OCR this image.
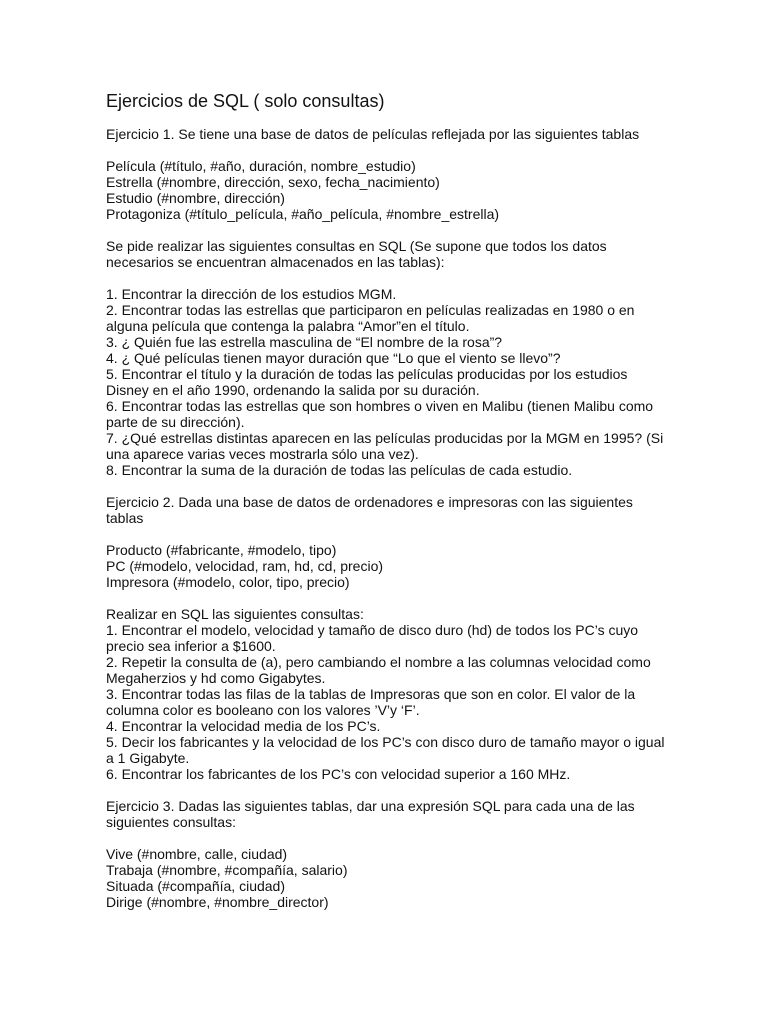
Ejercicios de SQL ( solo consultas)
Ejercicio 1. Se tiene una base de datos de películas reflejada por las siguientes tablas
Película (#título, #año, duración, nombre_estudio)
Estrella (#nombre, dirección, sexo, fecha_nacimiento)
Estudio (#nombre, dirección)
Protagoniza (#título_película, #año_película, #nombre_estrella)
Se pide realizar las siguientes consultas en SQL (Se supone que todos los datos
necesarios se encuentran almacenados en las tablas):
1. Encontrar la dirección de los estudios MGM.
2. Encontrar todas las estrellas que participaron en películas realizadas en 1980 o en
alguna película que contenga la palabra “Amor”en el título.
3. ¿ Quién fue las estrella masculina de “El nombre de la rosa”?
4. ¿ Qué películas tienen mayor duración que “Lo que el viento se llevo”?
5. Encontrar el título y la duración de todas las películas producidas por los estudios
Disney en el año 1990, ordenando la salida por su duración.
6. Encontrar todas las estrellas que son hombres o viven en Malibu (tienen Malibu como
parte de su dirección).
7. ¿Qué estrellas distintas aparecen en las películas producidas por la MGM en 1995? (Si
una aparece varias veces mostrarla sólo una vez).
8. Encontrar la suma de la duración de todas las películas de cada estudio.
Ejercicio 2. Dada una base de datos de ordenadores e impresoras con las siguientes
tablas
Producto (#fabricante, #modelo, tipo)
PC (#modelo, velocidad, ram, hd, cd, precio)
Impresora (#modelo, color, tipo, precio)
Realizar en SQL las siguientes consultas:
1. Encontrar el modelo, velocidad y tamaño de disco duro (hd) de todos los PC’s cuyo
precio sea inferior a $1600.
2. Repetir la consulta de (a), pero cambiando el nombre a las columnas velocidad como
Megaherzios y hd como Gigabytes.
3. Encontrar todas las filas de la tablas de Impresoras que son en color. El valor de la
columna color es booleano con los valores ’V’y ‘F’.
4. Encontrar la velocidad media de los PC’s.
5. Decir los fabricantes y la velocidad de los PC’s con disco duro de tamaño mayor o igual
a 1 Gigabyte.
6. Encontrar los fabricantes de los PC’s con velocidad superior a 160 MHz.
Ejercicio 3. Dadas las siguientes tablas, dar una expresión SQL para cada una de las
siguientes consultas:
Vive (#nombre, calle, ciudad)
Trabaja (#nombre, #compañía, salario)
Situada (#compañía, ciudad)
Dirige (#nombre, #nombre_director)
